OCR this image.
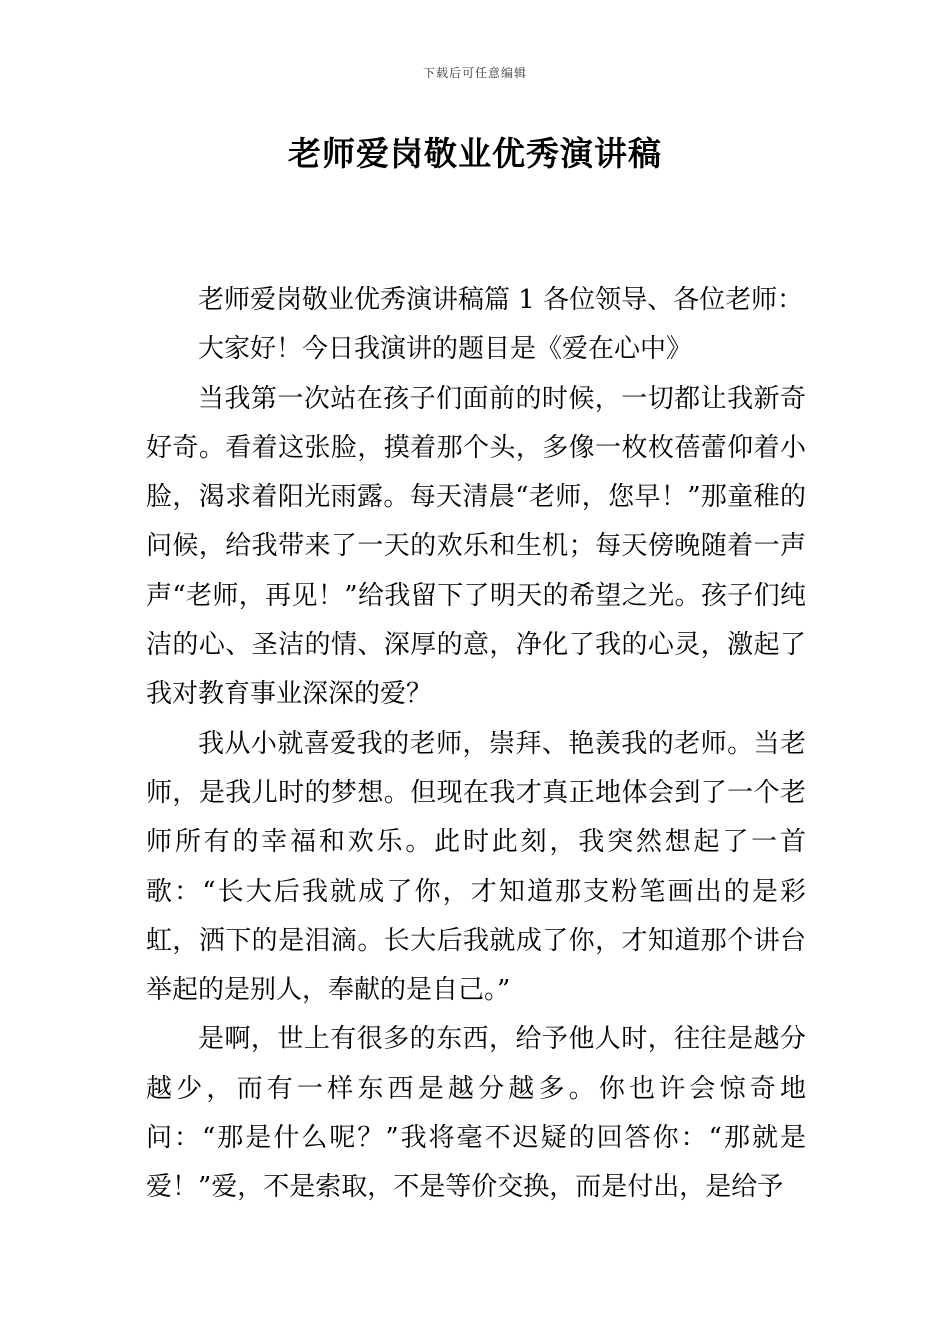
下载后可任意编辑
老师爱岗敬业优秀演讲稿

老师爱岗敬业优秀演讲稿篇 1 各位领导、各位老师：

大家好！今日我演讲的题目是《爱在心中》

当我第一次站在孩子们面前的时候，一切都让我新奇好奇。看着这张脸，摸着那个头，多像一枚枚蓓蕾仰着小脸，渴求着阳光雨露。每天清晨“老师，您早！”那童稚的问候，给我带来了一天的欢乐和生机；每天傍晚随着一声声“老师，再见！”给我留下了明天的希望之光。孩子们纯洁的心、圣洁的情、深厚的意，净化了我的心灵，激起了我对教育事业深深的爱？

我从小就喜爱我的老师，崇拜、艳羡我的老师。当老师，是我儿时的梦想。但现在我才真正地体会到了一个老师所有的幸福和欢乐。此时此刻，我突然想起了一首歌：“长大后我就成了你，才知道那支粉笔画出的是彩虹，洒下的是泪滴。长大后我就成了你，才知道那个讲台举起的是别人，奉献的是自己。”

是啊，世上有很多的东西，给予他人时，往往是越分越少，而有一样东西是越分越多。你也许会惊奇地问：“那是什么呢？”我将毫不迟疑的回答你：“那就是爱！”爱，不是索取，不是等价交换，而是付出，是给予
